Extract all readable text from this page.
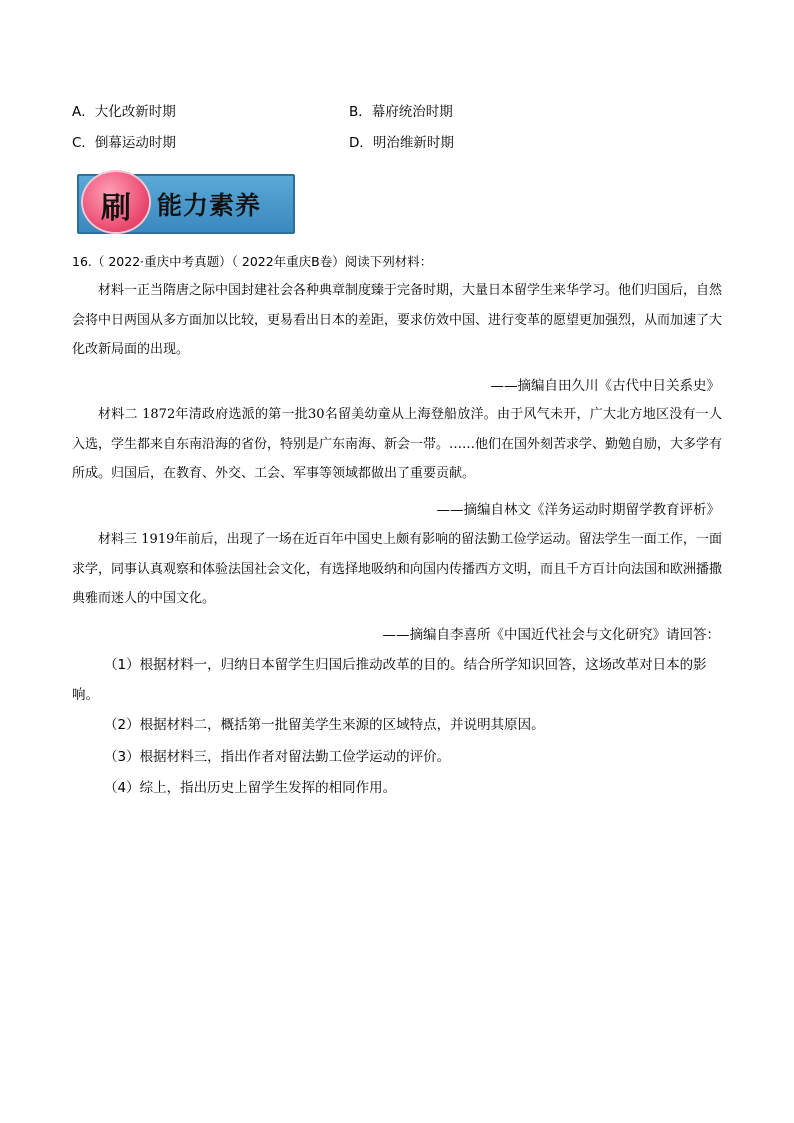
A．大化改新时期	B．幕府统治时期
C．倒幕运动时期	D．明治维新时期
刷	能力素养
16.（ 2022·重庆中考真题）（ 2022年重庆B卷）阅读下列材料：
材料一正当隋唐之际中国封建社会各种典章制度臻于完备时期，大量日本留学生来华学习。他们归国后，自然会将中日两国从多方面加以比较，更易看出日本的差距，要求仿效中国、进行变革的愿望更加强烈，从而加速了大化改新局面的出现。
——摘编自田久川《古代中日关系史》
材料二 1872年清政府选派的第一批30名留美幼童从上海登船放洋。由于风气未开，广大北方地区没有一人入选，学生都来自东南沿海的省份，特别是广东南海、新会一带。……他们在国外刻苦求学、勤勉自励，大多学有所成。归国后，在教育、外交、工会、军事等领域都做出了重要贡献。
——摘编自林文《洋务运动时期留学教育评析》
材料三 1919年前后，出现了一场在近百年中国史上颇有影响的留法勤工俭学运动。留法学生一面工作，一面求学，同事认真观察和体验法国社会文化，有选择地吸纳和向国内传播西方文明，而且千方百计向法国和欧洲播撒典雅而迷人的中国文化。
——摘编自李喜所《中国近代社会与文化研究》请回答：
（1）根据材料一，归纳日本留学生归国后推动改革的目的。结合所学知识回答，这场改革对日本的影响。
（2）根据材料二，概括第一批留美学生来源的区域特点，并说明其原因。
（3）根据材料三，指出作者对留法勤工俭学运动的评价。
（4）综上，指出历史上留学生发挥的相同作用。
